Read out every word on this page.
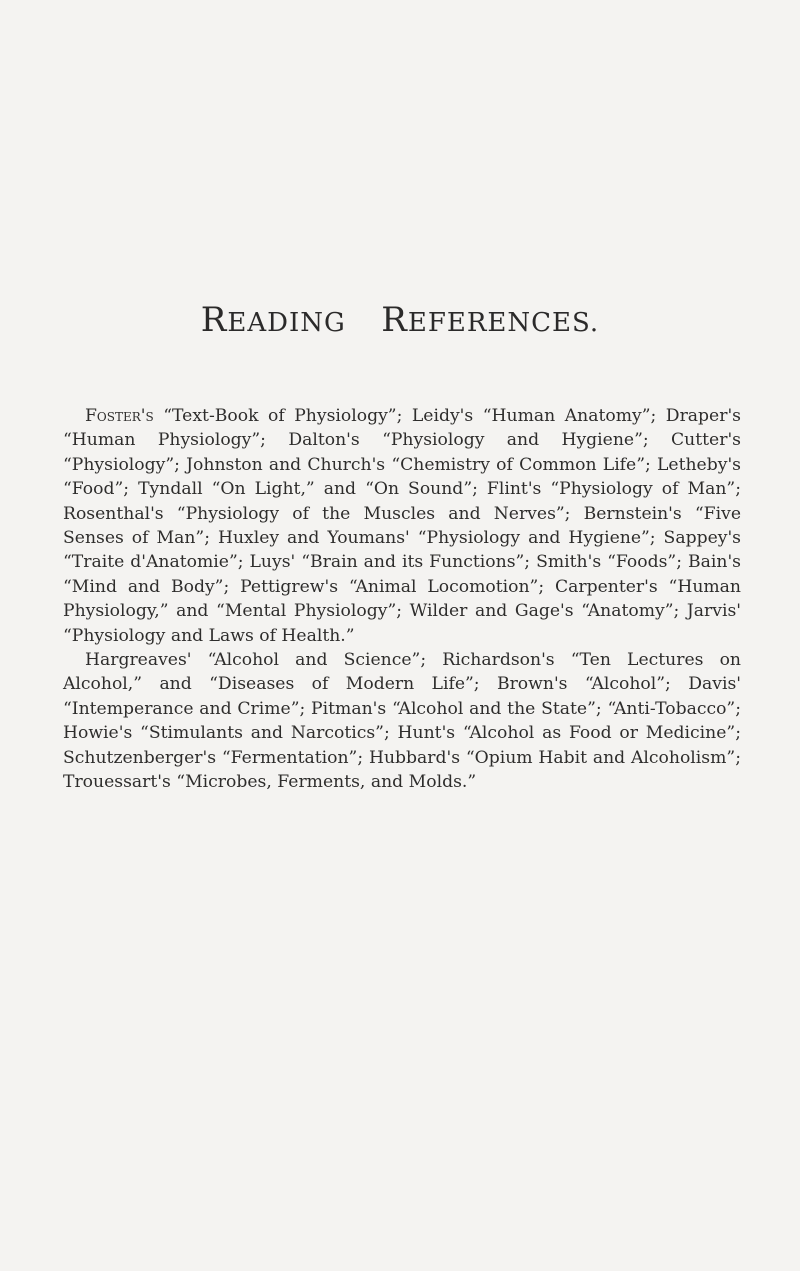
READING REFERENCES.

Foster's “Text-Book of Physiology”; Leidy's “Human Anatomy”; Draper's “Human Physiology”; Dalton's “Physiology and Hygiene”; Cutter's “Physiology”; Johnston and Church's “Chemistry of Common Life”; Letheby's “Food”; Tyndall “On Light,” and “On Sound”; Flint's “Physiology of Man”; Rosenthal's “Physiology of the Muscles and Nerves”; Bernstein's “Five Senses of Man”; Huxley and Youmans' “Physiology and Hygiene”; Sappey's “Traite d'Anatomie”; Luys' “Brain and its Functions”; Smith's “Foods”; Bain's “Mind and Body”; Pettigrew's “Animal Locomotion”; Carpenter's “Human Physiology,” and “Mental Physiology”; Wilder and Gage's “Anatomy”; Jarvis' “Physiology and Laws of Health.”

Hargreaves' “Alcohol and Science”; Richardson's “Ten Lectures on Alcohol,” and “Diseases of Modern Life”; Brown's “Alcohol”; Davis' “Intemperance and Crime”; Pitman's “Alcohol and the State”; “Anti-Tobacco”; Howie's “Stimulants and Narcotics”; Hunt's “Alcohol as Food or Medicine”; Schutzenberger's “Fermentation”; Hubbard's “Opium Habit and Alcoholism”; Trouessart's “Microbes, Ferments, and Molds.”
